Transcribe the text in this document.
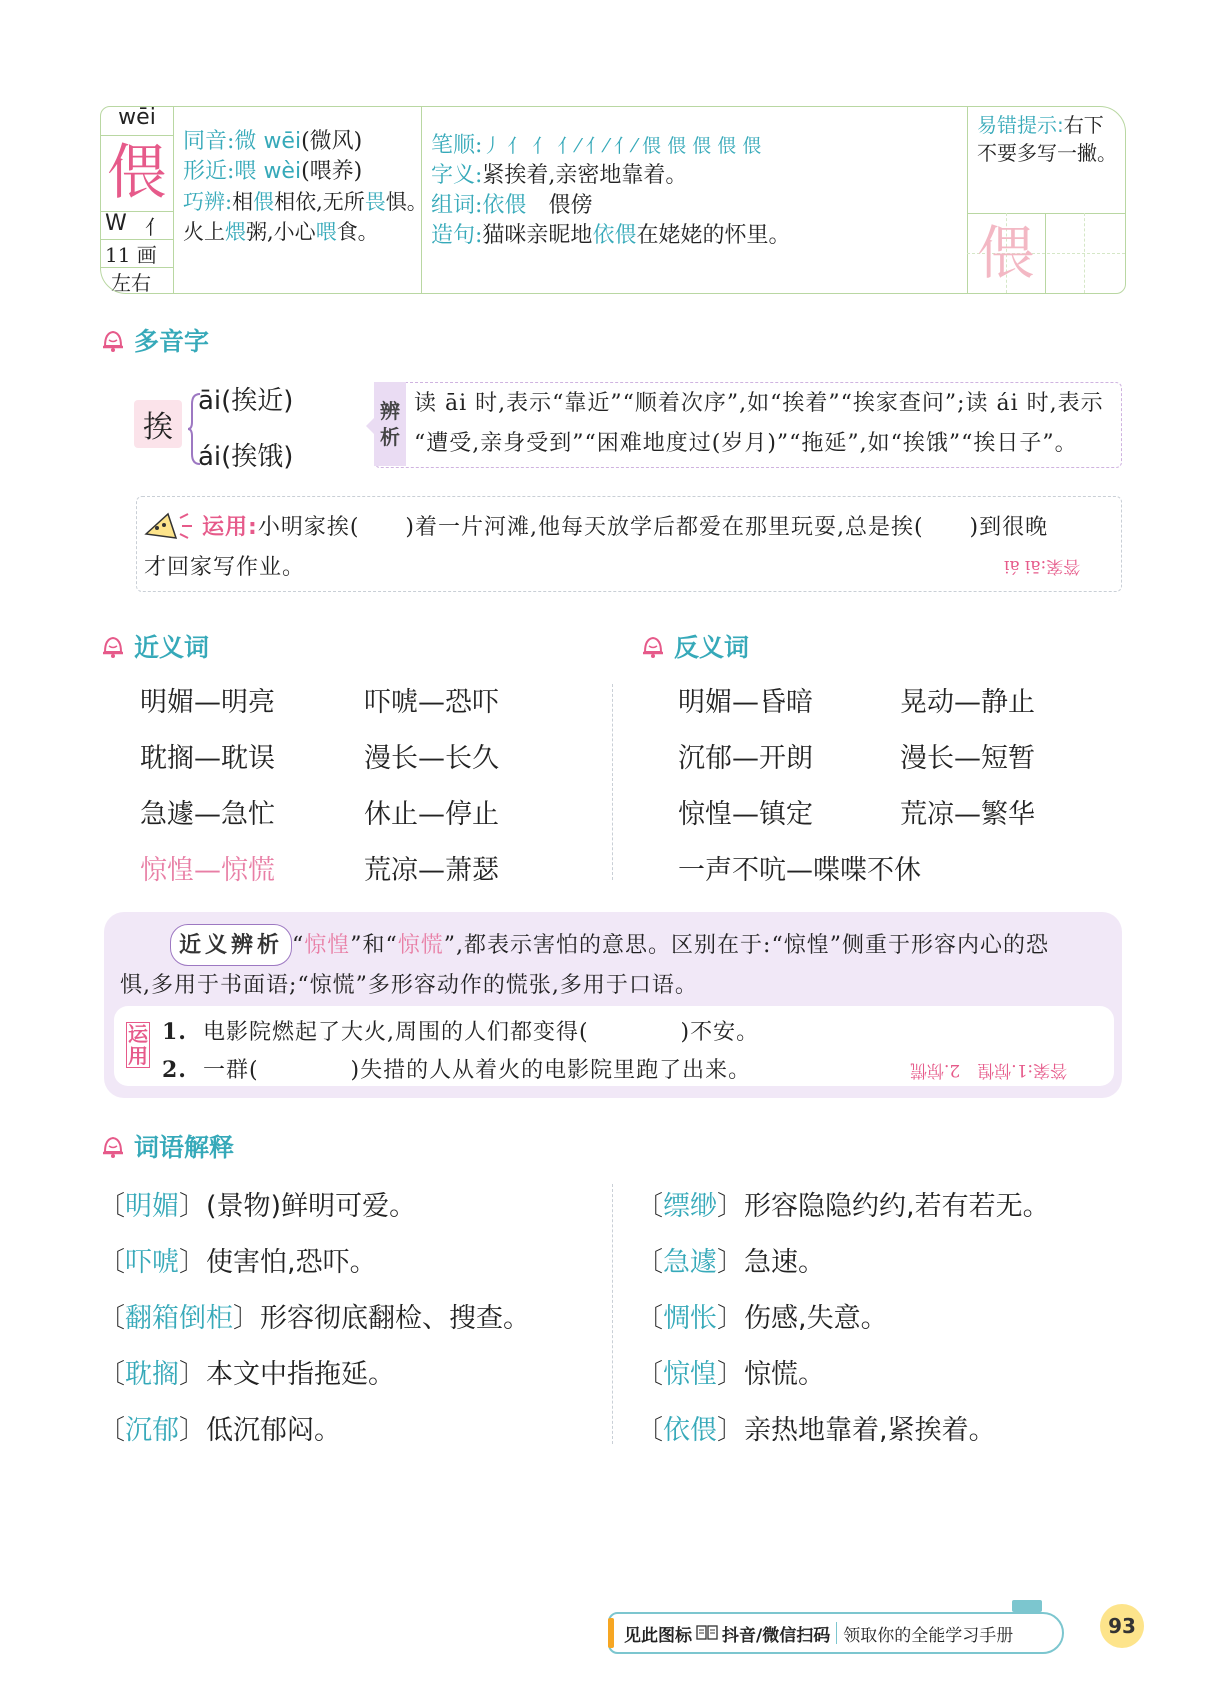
wēi
偎
W 亻
11 画
左右
同音:微 wēi(微风)
形近:喂 wèi(喂养)
巧辨:相偎相依,无所畏惧。
火上煨粥,小心喂食。
笔顺:丿 亻 亻 亻⁄ 亻⁄ 亻⁄ 偎 偎 偎 偎 偎
字义:紧挨着,亲密地靠着。
组词:依偎　 偎傍
造句:猫咪亲昵地依偎在姥姥的怀里。
易错提示:右下
不要多写一撇。
偎
多音字
挨
āi(挨近)
ái(挨饿)
辨
析
读 āi 时,表示“靠近”“顺着次序”,如“挨着”“挨家查问”;读 ái 时,表示
“遭受,亲身受到”“困难地度过(岁月)”“拖延”,如“挨饿”“挨日子”。
运用:小明家挨(　　)着一片河滩,他每天放学后都爱在那里玩耍,总是挨(　　)到很晚
才回家写作业。	答案:āi ái
近义词	反义词
明媚—明亮	吓唬—恐吓
耽搁—耽误	漫长—长久
急遽—急忙	休止—停止
惊惶—惊慌	荒凉—萧瑟
明媚—昏暗	晃动—静止
沉郁—开朗	漫长—短暂
惊惶—镇定	荒凉—繁华
一声不吭—喋喋不休
近义辨析 “惊惶”和“惊慌”,都表示害怕的意思。区别在于:“惊惶”侧重于形容内心的恐
惧,多用于书面语;“惊慌”多形容动作的慌张,多用于口语。
运
用
1. 电影院燃起了大火,周围的人们都变得(　　　　)不安。
2. 一群(　　　　)失措的人从着火的电影院里跑了出来。	答案:1.惊惶　2.惊慌
词语解释
〔明媚〕(景物)鲜明可爱。
〔吓唬〕使害怕,恐吓。
〔翻箱倒柜〕形容彻底翻检、搜查。
〔耽搁〕本文中指拖延。
〔沉郁〕低沉郁闷。
〔缥缈〕形容隐隐约约,若有若无。
〔急遽〕急速。
〔惆怅〕伤感,失意。
〔惊惶〕惊慌。
〔依偎〕亲热地靠着,紧挨着。
见此图标 抖音/微信扫码 领取你的全能学习手册	93
